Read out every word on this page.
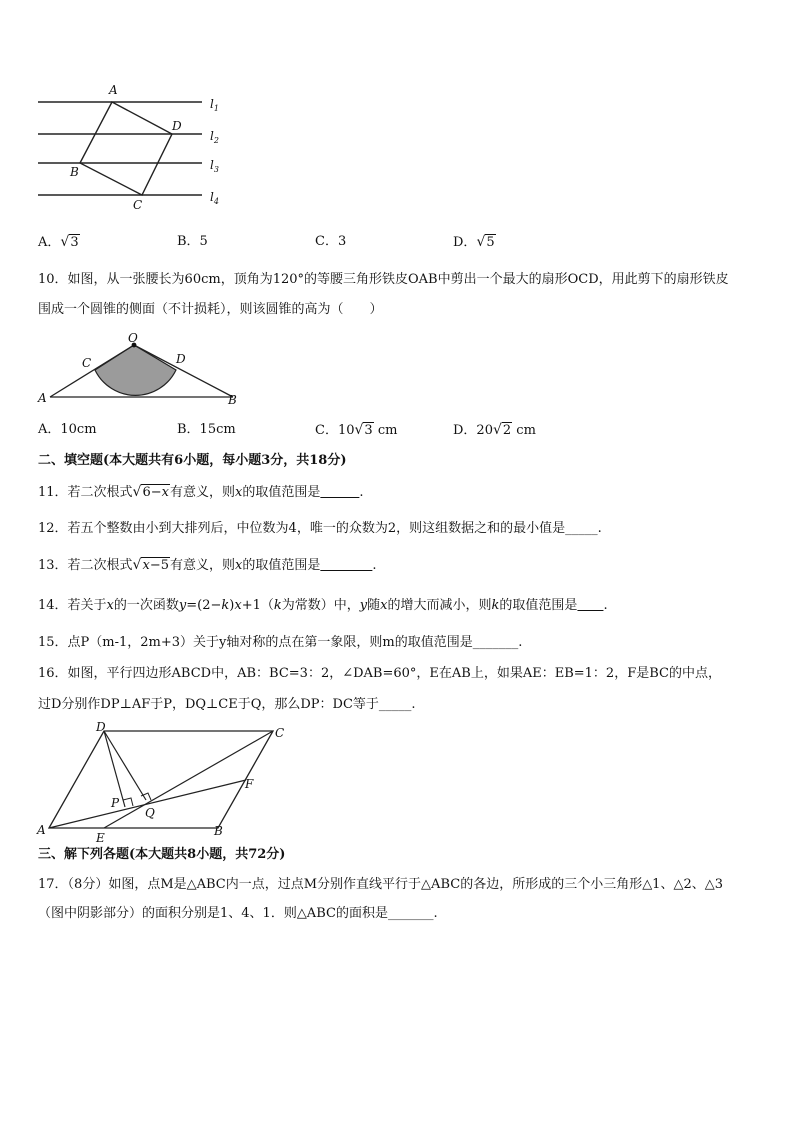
A
D
B
C
$l_1$
$l_2$
$l_3$
$l_4$
A．√3	B．5	C．3	D．√5
10．如图，从一张腰长为60cm，顶角为120°的等腰三角形铁皮OAB中剪出一个最大的扇形OCD，用此剪下的扇形铁皮
围成一个圆锥的侧面（不计损耗），则该圆锥的高为（　　）
O
C	D
A	B
A．10cm	B．15cm	C．10√3 cm	D．20√2 cm
二、填空题(本大题共有6小题，每小题3分，共18分)
11．若二次根式√6−x有意义，则x的取值范围是　　　	.
12．若五个整数由小到大排列后，中位数为4，唯一的众数为2，则这组数据之和的最小值是_____.
13．若二次根式√x−5有意义，则x的取值范围是　　　　	.
14．若关于x的一次函数y=(2−k)x+1（k为常数）中，y随x的增大而减小，则k的取值范围是　　 .
15．点P（m-1，2m+3）关于y轴对称的点在第一象限，则m的取值范围是_______.
16．如图，平行四边形ABCD中，AB：BC=3：2，∠DAB=60°，E在AB上，如果AE：EB=1：2，F是BC的中点，
过D分别作DP⊥AF于P，DQ⊥CE于Q，那么DP：DC等于_____.
D	C
F
P
Q
A
E	B
三、解下列各题(本大题共8小题，共72分)
17．（8分）如图，点M是△ABC内一点，过点M分别作直线平行于△ABC的各边，所形成的三个小三角形△1、△2、△3
（图中阴影部分）的面积分别是1、4、1．则△ABC的面积是_______.
